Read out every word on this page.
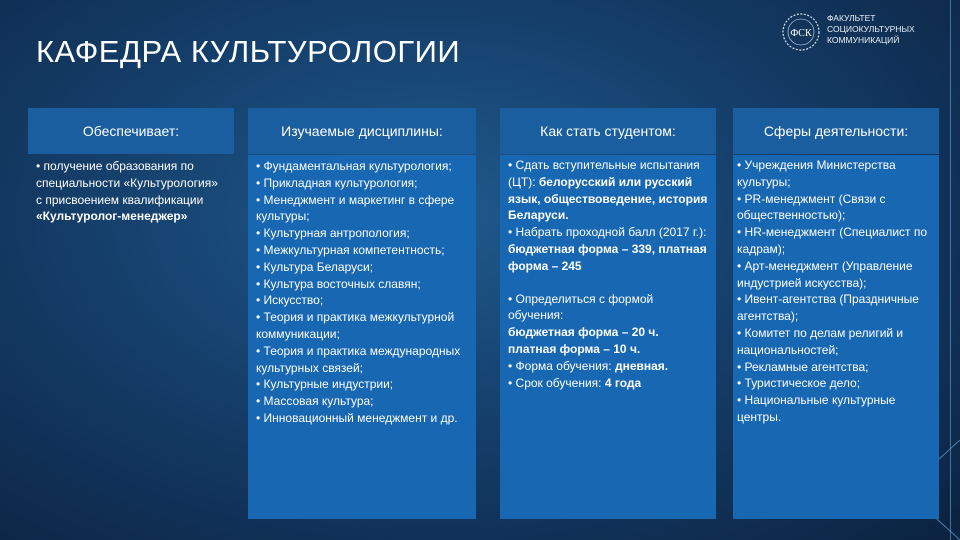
КАФЕДРА КУЛЬТУРОЛОГИИ
ФСК
ФАКУЛЬТЕТ
СОЦИОКУЛЬТУРНЫХ
КОММУНИКАЦИЙ
Обеспечивает:
• получение образования по специальности «Культурология» с присвоением квалификации «Культуролог-менеджер»
Изучаемые дисциплины:

• Фундаментальная культурология;

• Прикладная культурология;

• Менеджмент и маркетинг в сфере культуры;

• Культурная антропология;

• Межкультурная компетентность;

• Культура Беларуси;

• Культура восточных славян;

• Искусство;

• Теория и практика межкультурной коммуникации;

• Теория и практика международных культурных связей;

• Культурные индустрии;

• Массовая культура;

• Инновационный менеджмент и др.

Как стать студентом:

• Сдать вступительные испытания (ЦТ): белорусский или русский язык, обществоведение, история Беларуси.

• Набрать проходной балл (2017 г.): бюджетная форма – 339, платная форма – 245

• Определиться с формой обучения:

бюджетная форма – 20 ч.

платная форма – 10 ч.

• Форма обучения: дневная.

• Срок обучения: 4 года

Сферы деятельности:

• Учреждения Министерства культуры;

• PR-менеджмент (Связи с общественностью);

• HR-менеджмент (Специалист по кадрам);

• Арт-менеджмент (Управление индустрией искусства);

• Ивент-агентства (Праздничные агентства);

• Комитет по делам религий и национальностей;

• Рекламные агентства;

• Туристическое дело;

• Национальные культурные центры.
